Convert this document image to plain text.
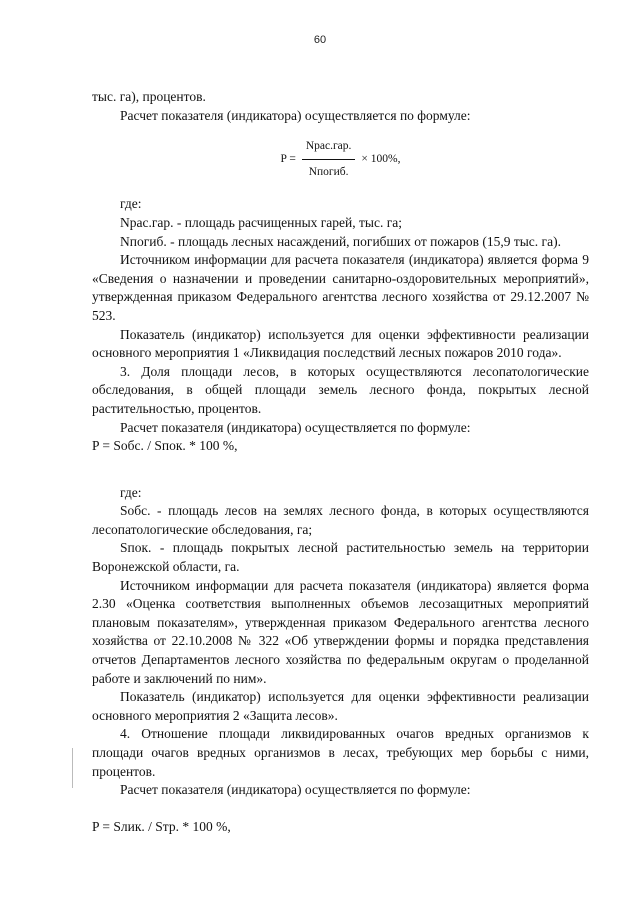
60

тыс. га), процентов.

Расчет показателя (индикатора) осуществляется по формуле:

$P = \frac{\text{Nрас.гар.}}{\text{Nпогиб.}} \times 100\%$,

где:

Nрас.гар. - площадь расчищенных гарей, тыс. га;

Nпогиб. - площадь лесных насаждений, погибших от пожаров (15,9 тыс. га).

Источником информации для расчета показателя (индикатора) является форма 9 «Сведения о назначении и проведении санитарно-оздоровительных мероприятий», утвержденная приказом Федерального агентства лесного хозяйства от 29.12.2007 № 523.

Показатель (индикатор) используется для оценки эффективности реализации основного мероприятия 1 «Ликвидация последствий лесных пожаров 2010 года».

3. Доля площади лесов, в которых осуществляются лесопатологические обследования, в общей площади земель лесного фонда, покрытых лесной растительностью, процентов.

Расчет показателя (индикатора) осуществляется по формуле:

P = Sобс. / Sпок. * 100 %,

где:

Sобс. - площадь лесов на землях лесного фонда, в которых осуществляются лесопатологические обследования, га;

Sпок. - площадь покрытых лесной растительностью земель на территории Воронежской области, га.

Источником информации для расчета показателя (индикатора) является форма 2.30 «Оценка соответствия выполненных объемов лесозащитных мероприятий плановым показателям», утвержденная приказом Федерального агентства лесного хозяйства от 22.10.2008 № 322 «Об утверждении формы и порядка представления отчетов Департаментов лесного хозяйства по федеральным округам о проделанной работе и заключений по ним».

Показатель (индикатор) используется для оценки эффективности реализации основного мероприятия 2 «Защита лесов».

4. Отношение площади ликвидированных очагов вредных организмов к площади очагов вредных организмов в лесах, требующих мер борьбы с ними, процентов.

Расчет показателя (индикатора) осуществляется по формуле:

P = Sлик. / Sтр. * 100 %,
